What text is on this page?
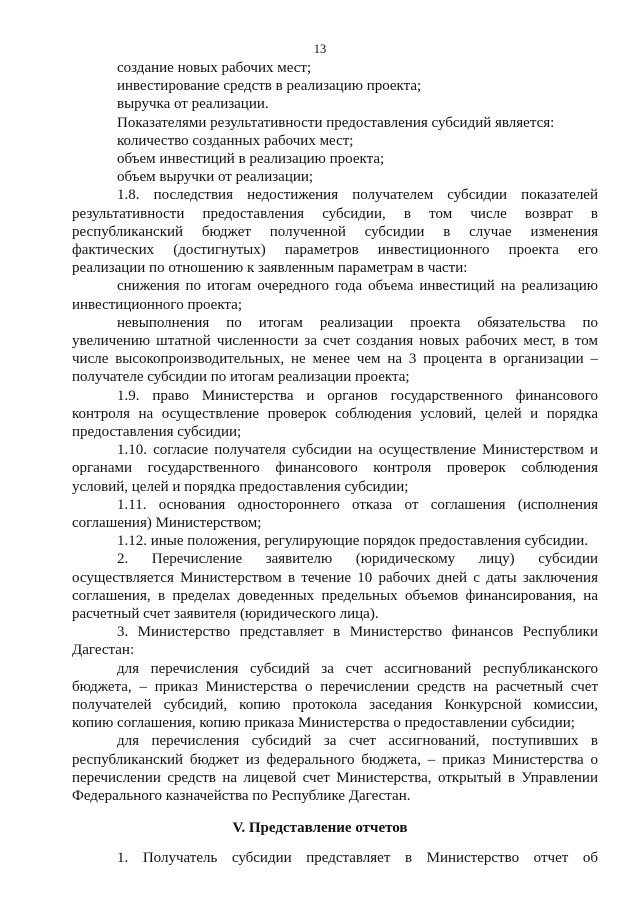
13
создание новых рабочих мест;
инвестирование средств в реализацию проекта;
выручка от реализации.
Показателями результативности предоставления субсидий является:
количество созданных рабочих мест;
объем инвестиций в реализацию проекта;
объем выручки от реализации;
1.8. последствия недостижения получателем субсидии показателей
результативности предоставления субсидии, в том числе возврат в
республиканский бюджет полученной субсидии в случае изменения
фактических (достигнутых) параметров инвестиционного проекта его
реализации по отношению к заявленным параметрам в части:
снижения по итогам очередного года объема инвестиций на реализацию
инвестиционного проекта;
невыполнения по итогам реализации проекта обязательства по
увеличению штатной численности за счет создания новых рабочих мест, в том
числе высокопроизводительных, не менее чем на 3 процента в организации –
получателе субсидии по итогам реализации проекта;
1.9. право Министерства и органов государственного финансового
контроля на осуществление проверок соблюдения условий, целей и порядка
предоставления субсидии;
1.10. согласие получателя субсидии на осуществление Министерством и
органами государственного финансового контроля проверок соблюдения
условий, целей и порядка предоставления субсидии;
1.11. основания одностороннего отказа от соглашения (исполнения
соглашения) Министерством;
1.12. иные положения, регулирующие порядок предоставления субсидии.
2. Перечисление заявителю (юридическому лицу) субсидии
осуществляется Министерством в течение 10 рабочих дней с даты заключения
соглашения, в пределах доведенных предельных объемов финансирования, на
расчетный счет заявителя (юридического лица).
3. Министерство представляет в Министерство финансов Республики
Дагестан:
для перечисления субсидий за счет ассигнований республиканского
бюджета, – приказ Министерства о перечислении средств на расчетный счет
получателей субсидий, копию протокола заседания Конкурсной комиссии,
копию соглашения, копию приказа Министерства о предоставлении субсидии;
для перечисления субсидий за счет ассигнований, поступивших в
республиканский бюджет из федерального бюджета, – приказ Министерства о
перечислении средств на лицевой счет Министерства, открытый в Управлении
Федерального казначейства по Республике Дагестан.
V. Представление отчетов
1. Получатель субсидии представляет в Министерство отчет об
